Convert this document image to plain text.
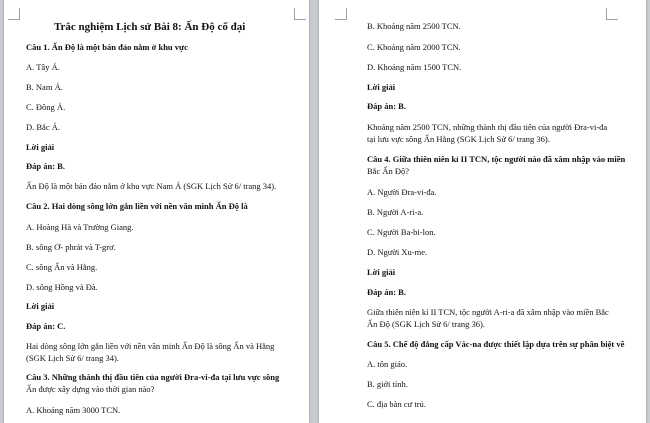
Trắc nghiệm Lịch sử Bài 8: Ấn Độ cổ đại
Câu 1. Ấn Độ là một bán đảo nằm ở khu vực
A. Tây Á.
B. Nam Á.
C. Đông Á.
D. Bắc Á.
Lời giải
Đáp án: B.
Ấn Độ là một bán đảo nằm ở khu vực Nam Á (SGK Lịch Sử 6/ trang 34).
Câu 2. Hai dòng sông lớn gắn liền với nền văn minh Ấn Độ là
A. Hoàng Hà và Trường Giang.
B. sông Ơ- phrát và T-grơ.
C. sông Ấn và Hằng.
D. sông Hồng và Đà.
Lời giải
Đáp án: C.
Hai dòng sông lớn gắn liền với nền văn minh Ấn Độ là sông Ấn và Hằng
(SGK Lịch Sử 6/ trang 34).
Câu 3. Những thành thị đầu tiên của người Đra-vi-đa tại lưu vực sông
Ấn được xây dựng vào thời gian nào?
A. Khoảng năm 3000 TCN.
B. Khoảng năm 2500 TCN.
C. Khoảng năm 2000 TCN.
D. Khoảng năm 1500 TCN.
Lời giải
Đáp án: B.
Khoảng năm 2500 TCN, những thành thị đầu tiên của người Đra-vi-đa
tại lưu vực sông Ấn Hằng (SGK Lịch Sử 6/ trang 36).
Câu 4. Giữa thiên niên kỉ II TCN, tộc người nào đã xâm nhập vào miền
Bắc Ấn Độ?
A. Người Đra-vi-đa.
B. Người A-ri-a.
C. Người Ba-bi-lon.
D. Người Xu-me.
Lời giải
Đáp án: B.
Giữa thiên niên kỉ II TCN, tộc người A-ri-a đã xâm nhập vào miền Bắc
Ấn Độ (SGK Lịch Sử 6/ trang 36).
Câu 5. Chế độ đẳng cấp Vác-na được thiết lập dựa trên sự phân biệt về
A. tôn giáo.
B. giới tính.
C. địa bàn cư trú.
